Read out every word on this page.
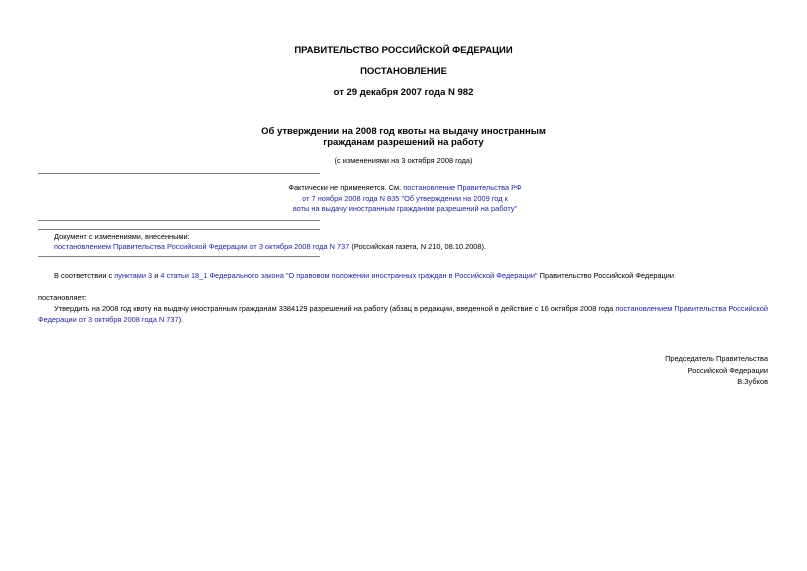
ПРАВИТЕЛЬСТВО РОССИЙСКОЙ ФЕДЕРАЦИИ
ПОСТАНОВЛЕНИЕ
от 29 декабря 2007 года N 982
Об утверждении на 2008 год квоты на выдачу иностранным
гражданам разрешений на работу
(с изменениями на 3 октября 2008 года)
Фактически не применяется. См. постановление Правительства РФ
от 7 ноября 2008 года N 835 "Об утверждении на 2009 год к
воты на выдачу иностранным гражданам разрешений на работу"
Документ с изменениями, внесенными:
постановлением Правительства Российской Федерации от 3 октября 2008 года N 737 (Российская газета, N 210, 08.10.2008).
В соответствии с пунктами 3 и 4 статьи 18_1 Федерального закона "О правовом положении иностранных граждан в Российской Федерации" Правительство Российской Федерации
постановляет:
Утвердить на 2008 год квоту на выдачу иностранным гражданам 3384129 разрешений на работу (абзац в редакции, введенной в действие с 16 октября 2008 года постановлением Правительства Российской
Федерации от 3 октября 2008 года N 737).
Председатель Правительства
Российской Федерации
В.Зубков
